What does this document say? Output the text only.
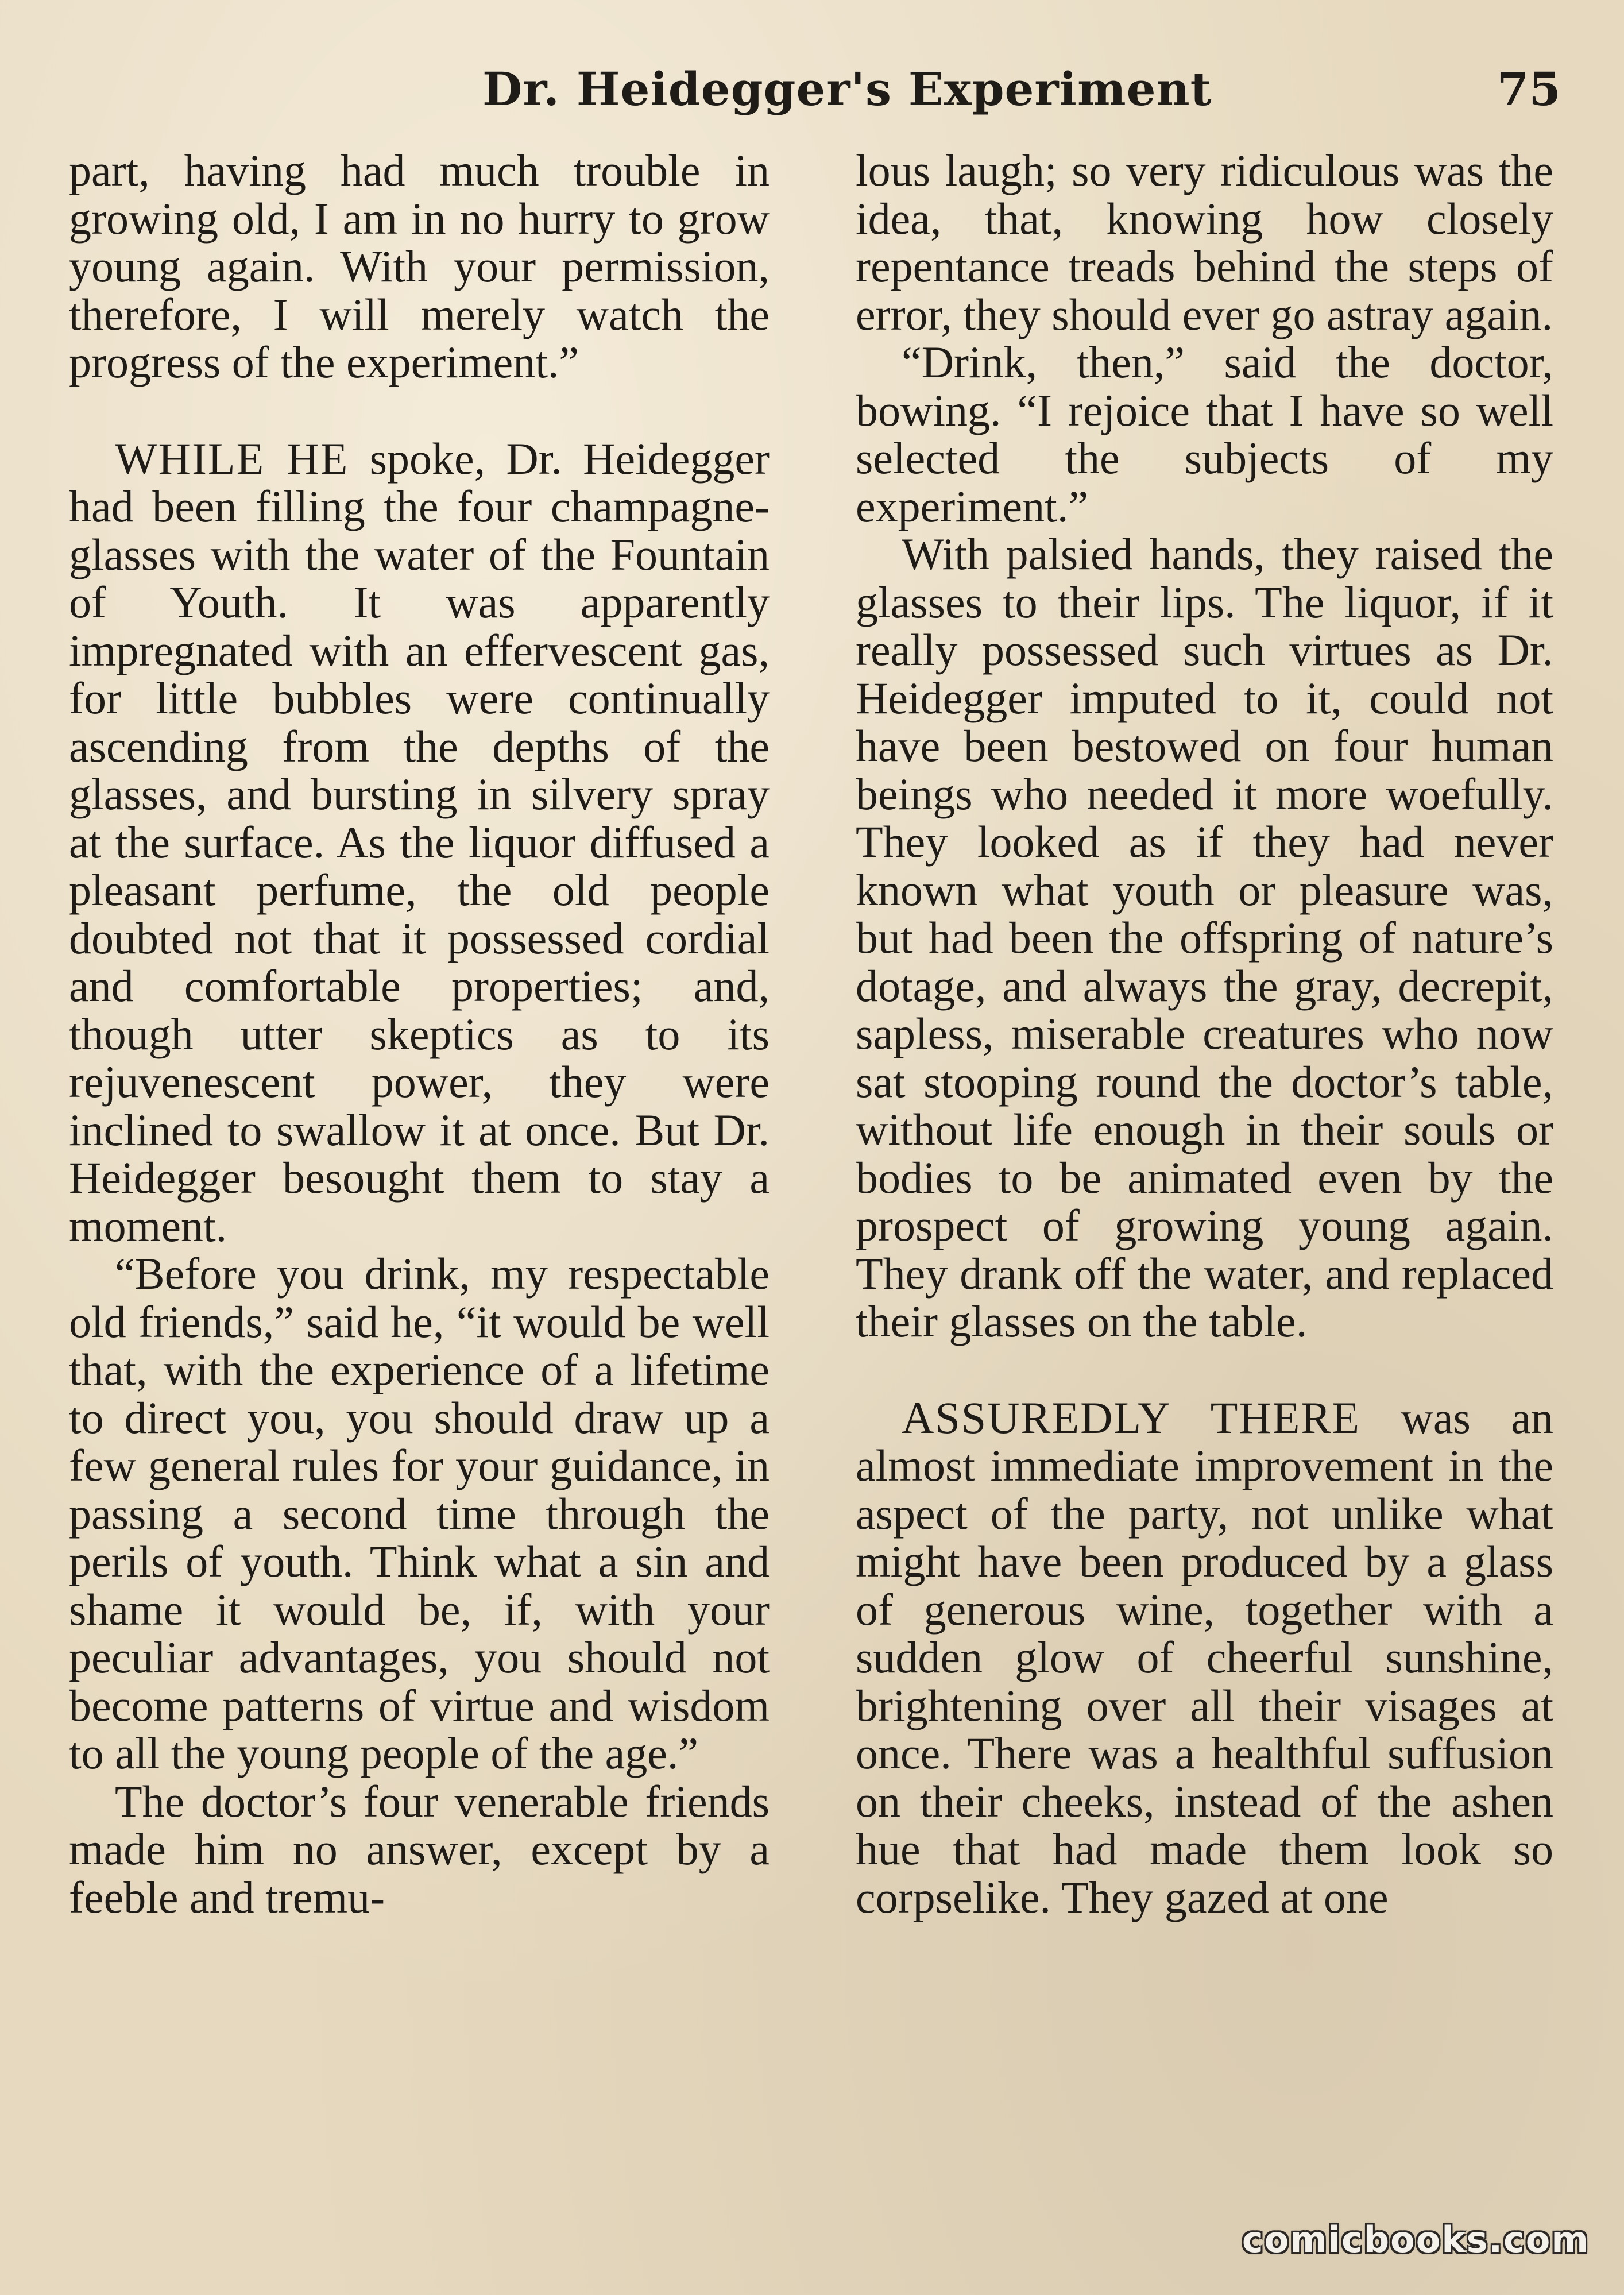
Dr. Heidegger's Experiment	75

part, having had much trouble in growing old, I am in no hurry to grow young again. With your permission, therefore, I will merely watch the progress of the experiment.”

WHILE HE spoke, Dr. Heidegger had been filling the four champagne-glasses with the water of the Fountain of Youth. It was apparently impregnated with an effervescent gas, for little bubbles were continually ascending from the depths of the glasses, and bursting in silvery spray at the surface. As the liquor diffused a pleasant perfume, the old people doubted not that it possessed cordial and comfortable properties; and, though utter skeptics as to its rejuvenescent power, they were inclined to swallow it at once. But Dr. Heidegger besought them to stay a moment.

“Before you drink, my respectable old friends,” said he, “it would be well that, with the experience of a lifetime to direct you, you should draw up a few general rules for your guidance, in passing a second time through the perils of youth. Think what a sin and shame it would be, if, with your peculiar advantages, you should not become patterns of virtue and wisdom to all the young people of the age.”

The doctor’s four venerable friends made him no answer, except by a feeble and tremu-

lous laugh; so very ridiculous was the idea, that, knowing how closely repentance treads behind the steps of error, they should ever go astray again.

“Drink, then,” said the doctor, bowing. “I rejoice that I have so well selected the subjects of my experiment.”

With palsied hands, they raised the glasses to their lips. The liquor, if it really possessed such virtues as Dr. Heidegger imputed to it, could not have been bestowed on four human beings who needed it more woefully. They looked as if they had never known what youth or pleasure was, but had been the offspring of nature’s dotage, and always the gray, decrepit, sapless, miserable creatures who now sat stooping round the doctor’s table, without life enough in their souls or bodies to be animated even by the prospect of growing young again. They drank off the water, and replaced their glasses on the table.

ASSUREDLY THERE was an almost immediate improvement in the aspect of the party, not unlike what might have been produced by a glass of generous wine, together with a sudden glow of cheerful sunshine, brightening over all their visages at once. There was a healthful suffusion on their cheeks, instead of the ashen hue that had made them look so corpselike. They gazed at one

comicbooks.com
